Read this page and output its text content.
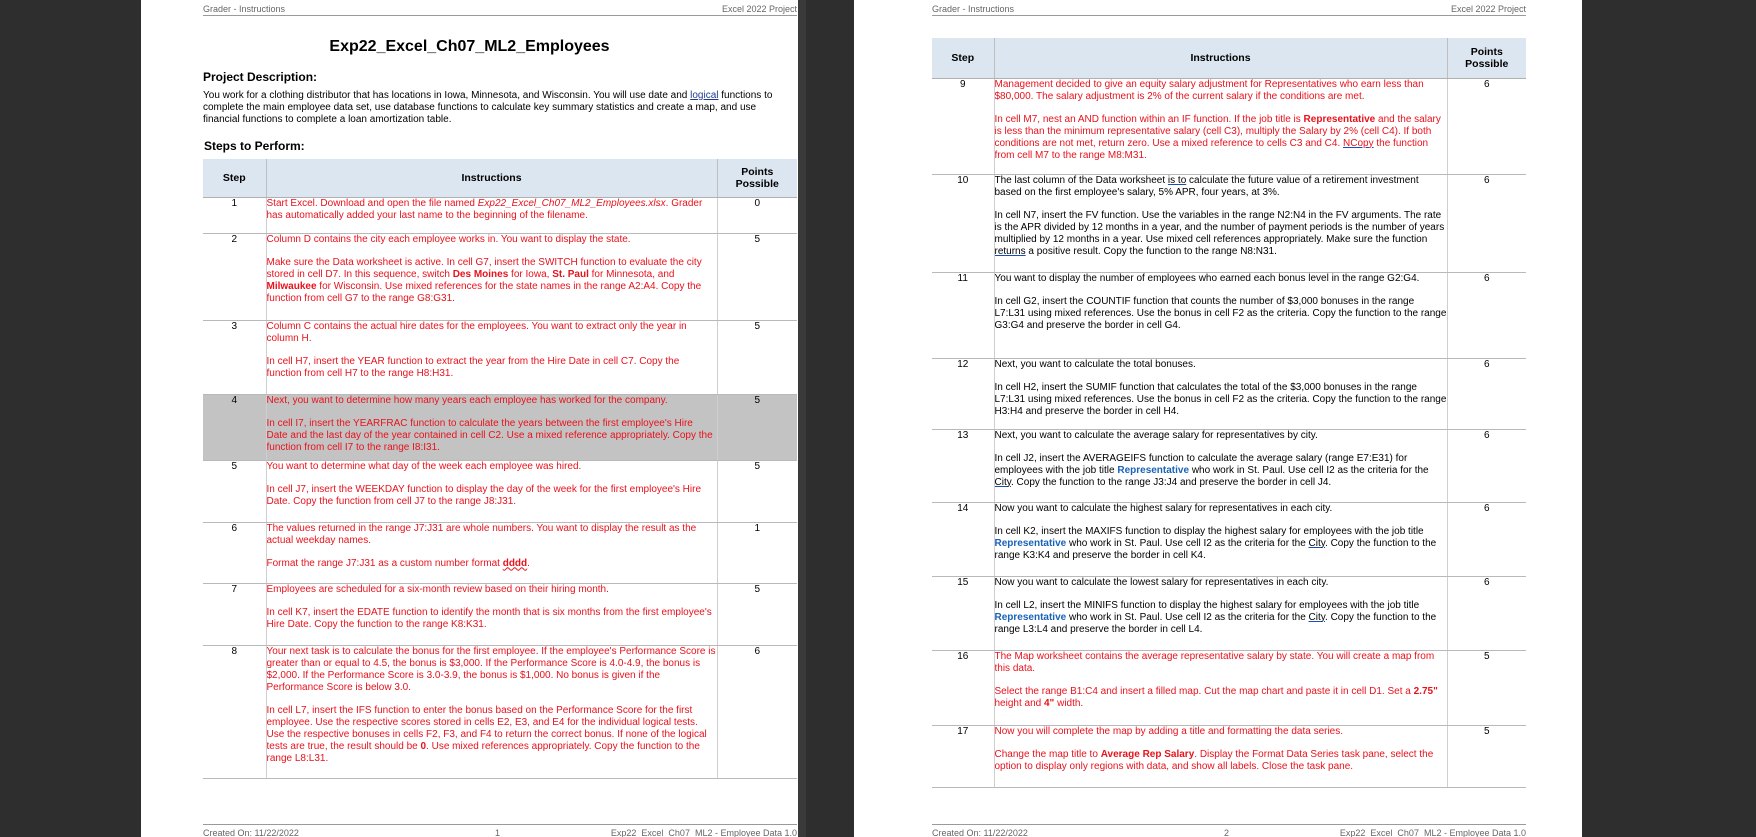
Grader - Instructions	Excel 2022 Project
Exp22_Excel_Ch07_ML2_Employees
Project Description:
You work for a clothing distributor that has locations in Iowa, Minnesota, and Wisconsin. You will use date and logical functions to complete the main employee data set, use database functions to calculate key summary statistics and create a map, and use financial functions to complete a loan amortization table.
Steps to Perform:
Step	Instructions	Points
Possible
1	Start Excel. Download and open the file named Exp22_Excel_Ch07_ML2_Employees.xlsx. Grader has automatically added your last name to the beginning of the filename.	0
2	Column D contains the city each employee works in. You want to display the state.

Make sure the Data worksheet is active. In cell G7, insert the SWITCH function to evaluate the city stored in cell D7. In this sequence, switch Des Moines for Iowa, St. Paul for Minnesota, and Milwaukee for Wisconsin. Use mixed references for the state names in the range A2:A4. Copy the function from cell G7 to the range G8:G31.	5
3	Column C contains the actual hire dates for the employees. You want to extract only the year in column H.

In cell H7, insert the YEAR function to extract the year from the Hire Date in cell C7. Copy the function from cell H7 to the range H8:H31.	5
4	Next, you want to determine how many years each employee has worked for the company.

In cell I7, insert the YEARFRAC function to calculate the years between the first employee's Hire Date and the last day of the year contained in cell C2. Use a mixed reference appropriately. Copy the function from cell I7 to the range I8:I31.	5
5	You want to determine what day of the week each employee was hired.

In cell J7, insert the WEEKDAY function to display the day of the week for the first employee's Hire Date. Copy the function from cell J7 to the range J8:J31.	5
6	The values returned in the range J7:J31 are whole numbers. You want to display the result as the actual weekday names.

Format the range J7:J31 as a custom number format dddd.	1
7	Employees are scheduled for a six-month review based on their hiring month.

In cell K7, insert the EDATE function to identify the month that is six months from the first employee's Hire Date. Copy the function to the range K8:K31.	5
8	Your next task is to calculate the bonus for the first employee. If the employee's Performance Score is greater than or equal to 4.5, the bonus is $3,000. If the Performance Score is 4.0-4.9, the bonus is $2,000. If the Performance Score is 3.0-3.9, the bonus is $1,000. No bonus is given if the Performance Score is below 3.0.

In cell L7, insert the IFS function to enter the bonus based on the Performance Score for the first employee. Use the respective scores stored in cells E2, E3, and E4 for the individual logical tests. Use the respective bonuses in cells F2, F3, and F4 to return the correct bonus. If none of the logical tests are true, the result should be 0. Use mixed references appropriately. Copy the function to the range L8:L31.	6
Created On: 11/22/2022	1	Exp22_Excel_Ch07_ML2 - Employee Data 1.0
Grader - Instructions	Excel 2022 Project
Step	Instructions	Points
Possible
9	Management decided to give an equity salary adjustment for Representatives who earn less than $80,000. The salary adjustment is 2% of the current salary if the conditions are met.

In cell M7, nest an AND function within an IF function. If the job title is Representative and the salary is less than the minimum representative salary (cell C3), multiply the Salary by 2% (cell C4). If both conditions are not met, return zero. Use a mixed reference to cells C3 and C4. NCopy the function from cell M7 to the range M8:M31.	6
10	The last column of the Data worksheet is to calculate the future value of a retirement investment based on the first employee's salary, 5% APR, four years, at 3%.

In cell N7, insert the FV function. Use the variables in the range N2:N4 in the FV arguments. The rate is the APR divided by 12 months in a year, and the number of payment periods is the number of years multiplied by 12 months in a year. Use mixed cell references appropriately. Make sure the function returns a positive result. Copy the function to the range N8:N31.	6
11	You want to display the number of employees who earned each bonus level in the range G2:G4.

In cell G2, insert the COUNTIF function that counts the number of $3,000 bonuses in the range L7:L31 using mixed references. Use the bonus in cell F2 as the criteria. Copy the function to the range G3:G4 and preserve the border in cell G4.	6
12	Next, you want to calculate the total bonuses.

In cell H2, insert the SUMIF function that calculates the total of the $3,000 bonuses in the range L7:L31 using mixed references. Use the bonus in cell F2 as the criteria. Copy the function to the range H3:H4 and preserve the border in cell H4.	6
13	Next, you want to calculate the average salary for representatives by city.

In cell J2, insert the AVERAGEIFS function to calculate the average salary (range E7:E31) for employees with the job title Representative who work in St. Paul. Use cell I2 as the criteria for the City. Copy the function to the range J3:J4 and preserve the border in cell J4.	6
14	Now you want to calculate the highest salary for representatives in each city.

In cell K2, insert the MAXIFS function to display the highest salary for employees with the job title Representative who work in St. Paul. Use cell I2 as the criteria for the City. Copy the function to the range K3:K4 and preserve the border in cell K4.	6
15	Now you want to calculate the lowest salary for representatives in each city.

In cell L2, insert the MINIFS function to display the highest salary for employees with the job title Representative who work in St. Paul. Use cell I2 as the criteria for the City. Copy the function to the range L3:L4 and preserve the border in cell L4.	6
16	The Map worksheet contains the average representative salary by state. You will create a map from this data.

Select the range B1:C4 and insert a filled map. Cut the map chart and paste it in cell D1. Set a 2.75" height and 4" width.	5
17	Now you will complete the map by adding a title and formatting the data series.

Change the map title to Average Rep Salary. Display the Format Data Series task pane, select the option to display only regions with data, and show all labels. Close the task pane.	5
Created On: 11/22/2022	2	Exp22_Excel_Ch07_ML2 - Employee Data 1.0
